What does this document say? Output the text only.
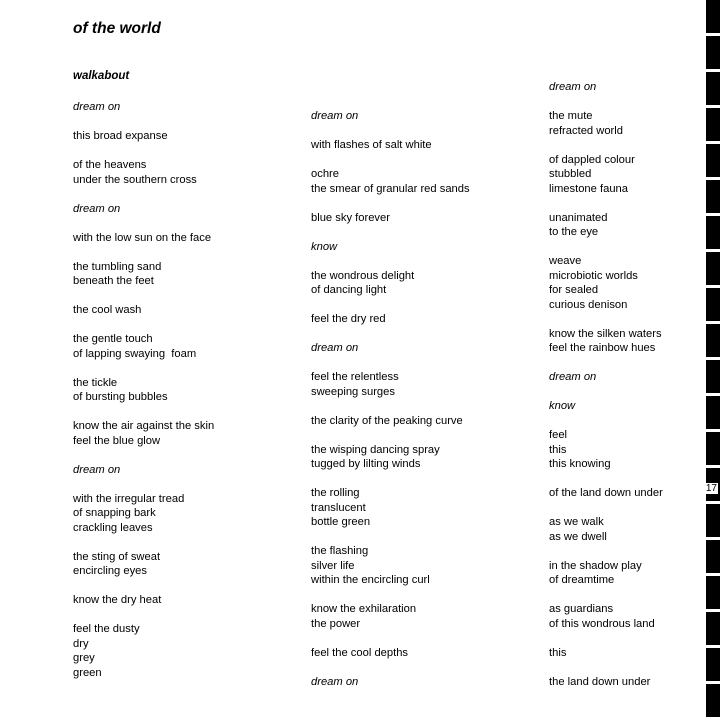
of the world
walkabout
dream on
this broad expanse
of the heavens
under the southern cross
dream on
with the low sun on the face
the tumbling sand
beneath the feet
the cool wash
the gentle touch
of lapping swaying  foam
the tickle
of bursting bubbles
know the air against the skin
feel the blue glow
dream on
with the irregular tread
of snapping bark
crackling leaves
the sting of sweat
encircling eyes
know the dry heat
feel the dusty
dry
grey
green
dream on
with flashes of salt white
ochre
the smear of granular red sands
blue sky forever
know
the wondrous delight
of dancing light
feel the dry red
dream on
feel the relentless
sweeping surges
the clarity of the peaking curve
the wisping dancing spray
tugged by lilting winds
the rolling
translucent
bottle green
the flashing
silver life
within the encircling curl
know the exhilaration
the power
feel the cool depths
dream on
dream on
the mute
refracted world
of dappled colour
stubbled
limestone fauna
unanimated
to the eye
weave
microbiotic worlds
for sealed
curious denison
know the silken waters
feel the rainbow hues
dream on
know
feel
this
this knowing
of the land down under
as we walk
as we dwell
in the shadow play
of dreamtime
as guardians
of this wondrous land
this
the land down under
17
